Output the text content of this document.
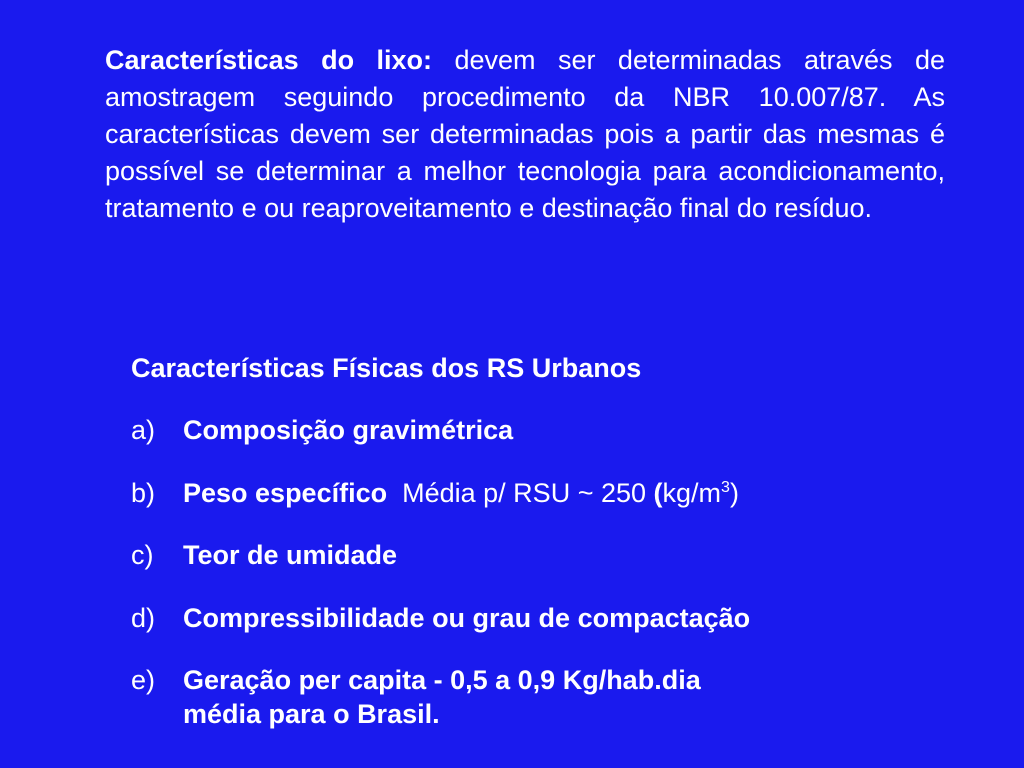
Características do lixo: devem ser determinadas através de amostragem seguindo procedimento da NBR 10.007/87. As características devem ser determinadas pois a partir das mesmas é possível se determinar a melhor tecnologia para acondicionamento, tratamento e ou reaproveitamento e destinação final do resíduo.

Características Físicas dos RS Urbanos
a) Composição gravimétrica
b) Peso específico Média p/ RSU ~ 250 $(kg/m^3)$
c) Teor de umidade
d) Compressibilidade ou grau de compactação
e) Geração per capita - 0,5 a 0,9 Kg/hab.dia
média para o Brasil.
